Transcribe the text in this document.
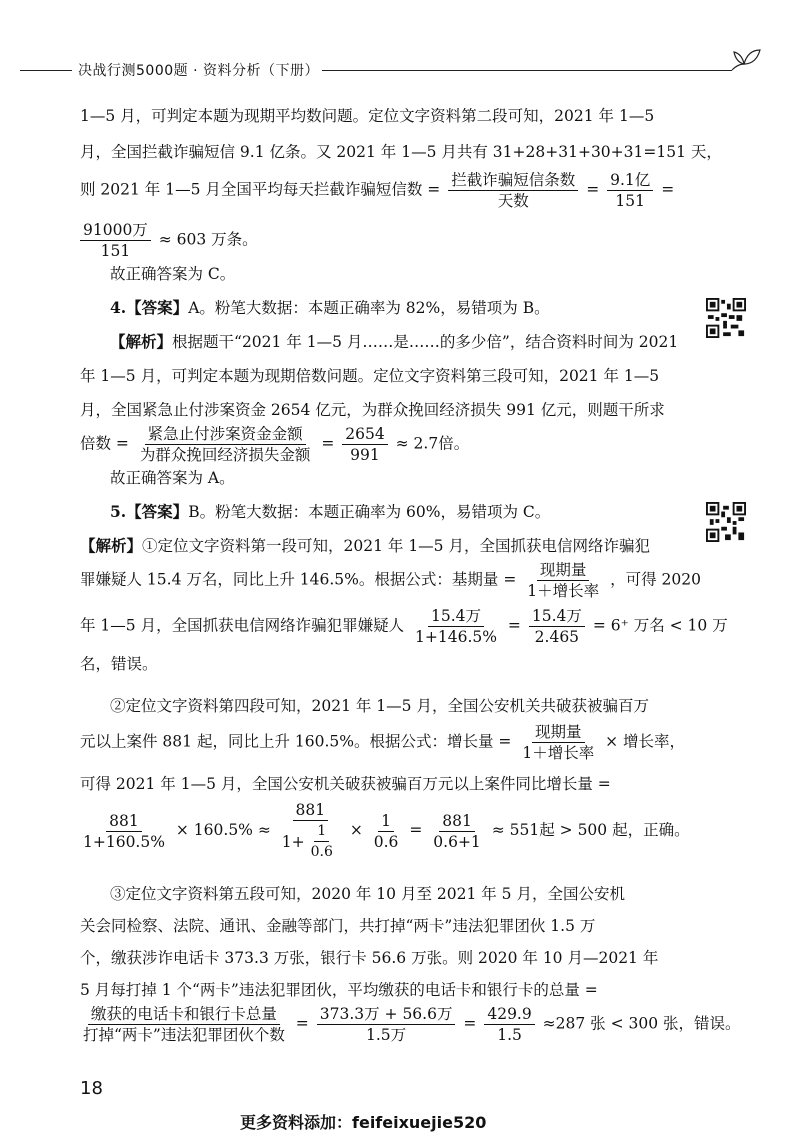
决战行测5000题 · 资料分析（下册）
1—5 月，可判定本题为现期平均数问题。定位文字资料第二段可知，2021 年 1—5
月，全国拦截诈骗短信 9.1 亿条。又 2021 年 1—5 月共有 31+28+31+30+31=151 天，
则 2021 年 1—5 月全国平均每天拦截诈骗短信数 = $\frac{\text{拦截诈骗短信条数}}{\text{天数}} = \frac{\text{9.1亿}}{151}$ =
$\frac{\text{91000万}}{151} \approx 603$ 万条。
故正确答案为 C。
4.【答案】A。粉笔大数据：本题正确率为 82%，易错项为 B。
【解析】根据题干“2021 年 1—5 月……是……的多少倍”，结合资料时间为 2021
年 1—5 月，可判定本题为现期倍数问题。定位文字资料第三段可知，2021 年 1—5
月，全国紧急止付涉案资金 2654 亿元，为群众挽回经济损失 991 亿元，则题干所求
倍数 = $\frac{\text{紧急止付涉案资金金额}}{\text{为群众挽回经济损失金额}} = \frac{2654}{991} \approx 2.7$倍。
故正确答案为 A。
5.【答案】B。粉笔大数据：本题正确率为 60%，易错项为 C。
【解析】①定位文字资料第一段可知，2021 年 1—5 月，全国抓获电信网络诈骗犯
罪嫌疑人 15.4 万名，同比上升 146.5%。根据公式：基期量 = $\frac{\text{现期量}}{\text{1＋增长率}}$ ，可得 2020
年 1—5 月，全国抓获电信网络诈骗犯罪嫌疑人 $\frac{\text{15.4万}}{1+146.5\%} = \frac{\text{15.4万}}{2.465} = 6^+$ 万名 < 10 万
名，错误。
②定位文字资料第四段可知，2021 年 1—5 月，全国公安机关共破获被骗百万
元以上案件 881 起，同比上升 160.5%。根据公式：增长量 = $\frac{\text{现期量}}{\text{1＋增长率}}$ × 增长率，
可得 2021 年 1—5 月，全国公安机关破获被骗百万元以上案件同比增长量 =
$\frac{881}{1+160.5\%} \times 160.5\% \approx \frac{881}{1+ \frac{1}{0.6}} \times \frac{1}{0.6} = \frac{881}{0.6+1} \approx 551$起 > 500 起，正确。
③定位文字资料第五段可知，2020 年 10 月至 2021 年 5 月，全国公安机
关会同检察、法院、通讯、金融等部门，共打掉“两卡”违法犯罪团伙 1.5 万
个，缴获涉诈电话卡 373.3 万张，银行卡 56.6 万张。则 2020 年 10 月—2021 年
5 月每打掉 1 个“两卡”违法犯罪团伙，平均缴获的电话卡和银行卡的总量 =
$\frac{\text{缴获的电话卡和银行卡总量}}{\text{打掉“两卡”违法犯罪团伙个数}} = \frac{\text{373.3万 + 56.6万}}{\text{1.5万}} = \frac{429.9}{1.5} \approx 287$ 张 < 300 张，错误。
18
更多资料添加：feifeixuejie520
